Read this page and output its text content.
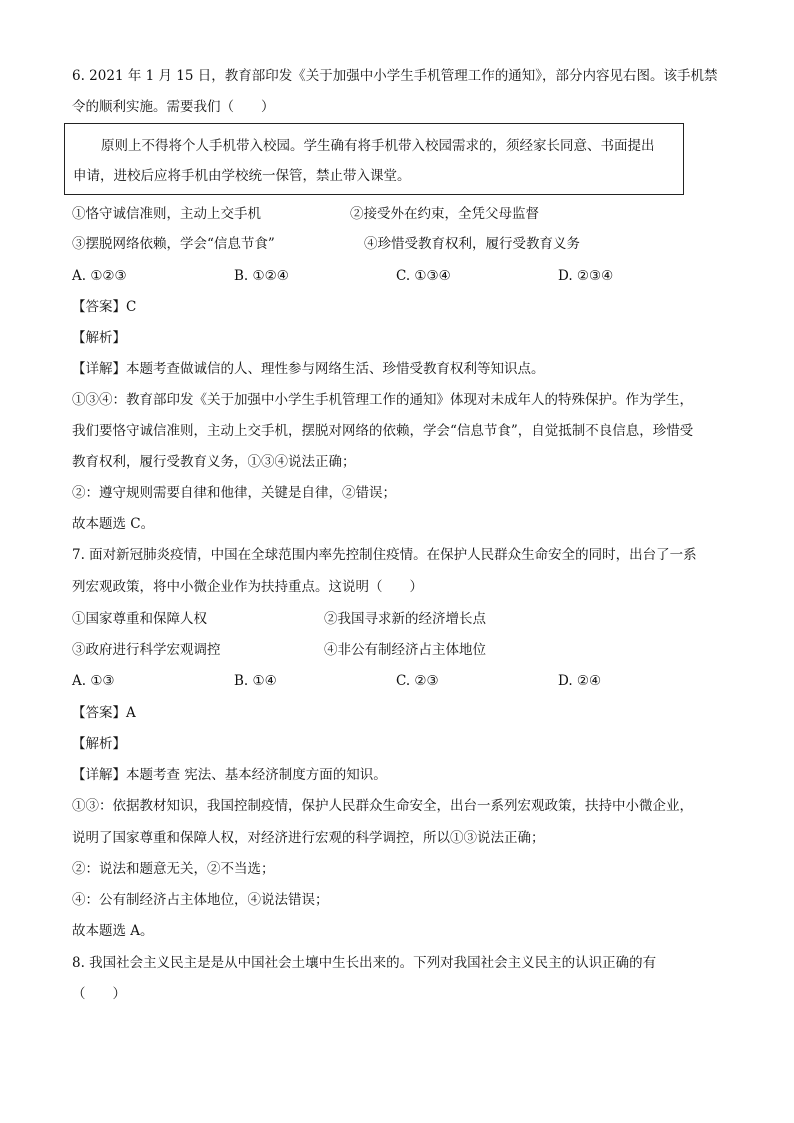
6. 2021 年 1 月 15 日，教育部印发《关于加强中小学生手机管理工作的通知》，部分内容见右图。该手机禁
令的顺利实施。需要我们（　　）
原则上不得将个人手机带入校园。学生确有将手机带入校园需求的，须经家长同意、书面提出
申请，进校后应将手机由学校统一保管，禁止带入课堂。
①恪守诚信准则，主动上交手机	②接受外在约束，全凭父母监督
③摆脱网络依赖，学会“信息节食”	④珍惜受教育权利，履行受教育义务
A. ①②③	B. ①②④	C. ①③④	D. ②③④
【答案】C
【解析】
【详解】本题考查做诚信的人、理性参与网络生活、珍惜受教育权利等知识点。
①③④：教育部印发《关于加强中小学生手机管理工作的通知》体现对未成年人的特殊保护。作为学生，
我们要恪守诚信准则，主动上交手机，摆脱对网络的依赖，学会“信息节食”，自觉抵制不良信息，珍惜受
教育权利，履行受教育义务，①③④说法正确；
②：遵守规则需要自律和他律，关键是自律，②错误；
故本题选 C。
7. 面对新冠肺炎疫情，中国在全球范围内率先控制住疫情。在保护人民群众生命安全的同时，出台了一系
列宏观政策，将中小微企业作为扶持重点。这说明（　　）
①国家尊重和保障人权	②我国寻求新的经济增长点
③政府进行科学宏观调控	④非公有制经济占主体地位
A. ①③	B. ①④	C. ②③	D. ②④
【答案】A
【解析】
【详解】本题考查 宪法、基本经济制度方面的知识。
①③：依据教材知识，我国控制疫情，保护人民群众生命安全，出台一系列宏观政策，扶持中小微企业，
说明了国家尊重和保障人权，对经济进行宏观的科学调控，所以①③说法正确；
②：说法和题意无关，②不当选；
④：公有制经济占主体地位，④说法错误；
故本题选 A。
8. 我国社会主义民主是是从中国社会土壤中生长出来的。下列对我国社会主义民主的认识正确的有
（　　）
